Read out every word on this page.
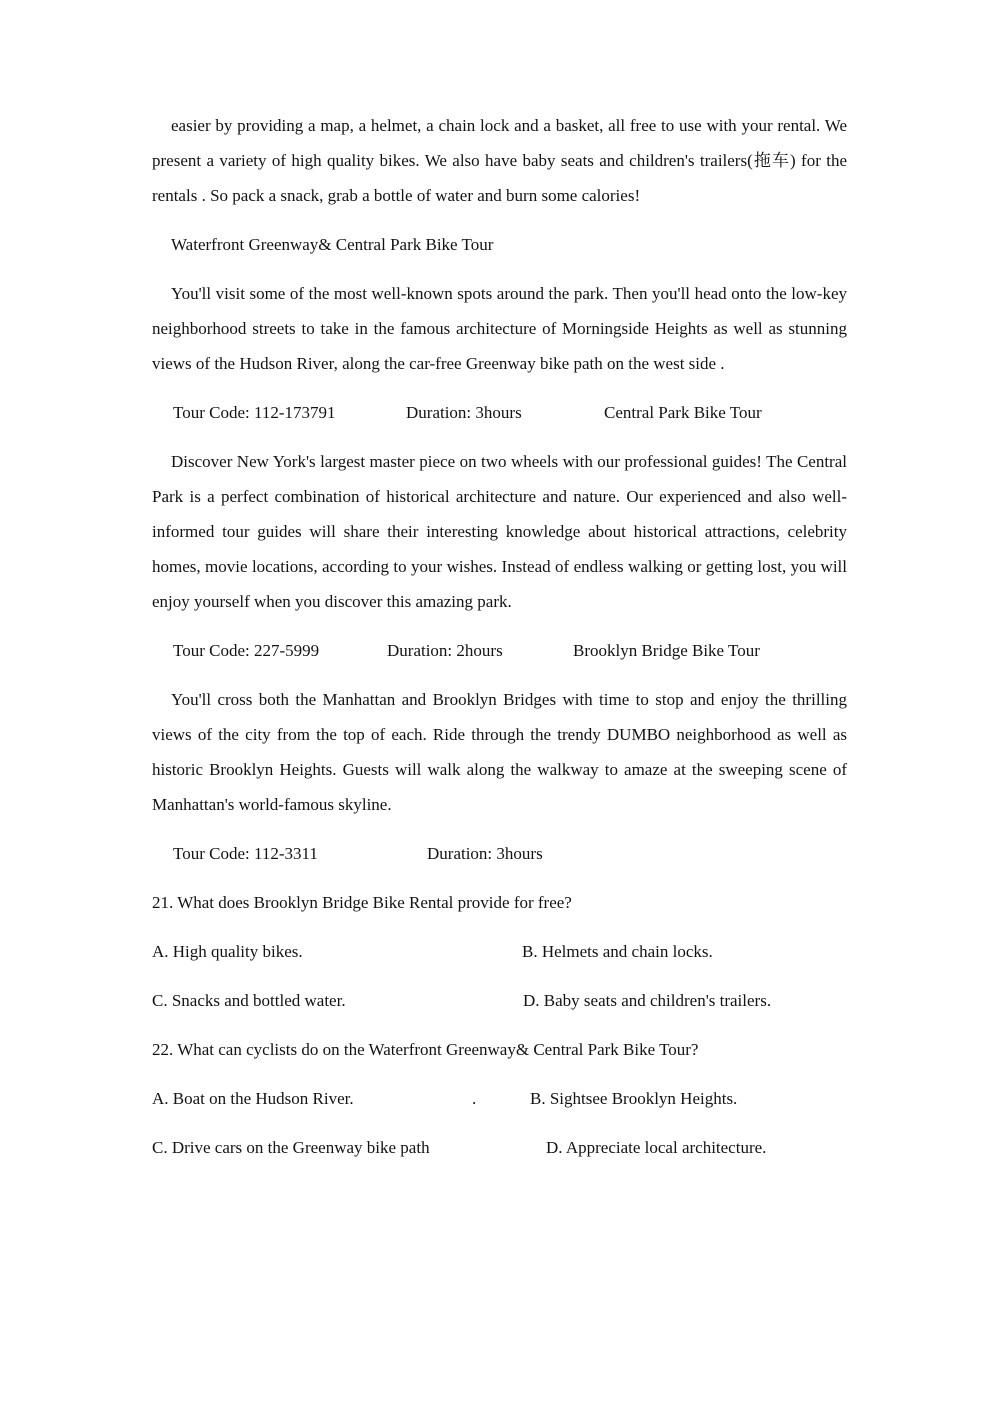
easier by providing a map, a helmet, a chain lock and a basket, all free to use with your rental. We present a variety of high quality bikes. We also have baby seats and children's trailers(拖车) for the rentals . So pack a snack, grab a bottle of water and burn some calories!

Waterfront Greenway& Central Park Bike Tour

You'll visit some of the most well-known spots around the park. Then you'll head onto the low-key neighborhood streets to take in the famous architecture of Morningside Heights as well as stunning views of the Hudson River, along the car-free Greenway bike path on the west side .

Tour Code: 112-173791	Duration: 3hours	Central Park Bike Tour

Discover New York's largest master piece on two wheels with our professional guides! The Central Park is a perfect combination of historical architecture and nature. Our experienced and also well-informed tour guides will share their interesting knowledge about historical attractions, celebrity homes, movie locations, according to your wishes. Instead of endless walking or getting lost, you will enjoy yourself when you discover this amazing park.

Tour Code: 227-5999	Duration: 2hours	Brooklyn Bridge Bike Tour

You'll cross both the Manhattan and Brooklyn Bridges with time to stop and enjoy the thrilling views of the city from the top of each. Ride through the trendy DUMBO neighborhood as well as historic Brooklyn Heights. Guests will walk along the walkway to amaze at the sweeping scene of Manhattan's world-famous skyline.

Tour Code: 112-3311	Duration: 3hours

21. What does Brooklyn Bridge Bike Rental provide for free?

A. High quality bikes.	B. Helmets and chain locks.
C. Snacks and bottled water.	D. Baby seats and children's trailers.

22. What can cyclists do on the Waterfront Greenway& Central Park Bike Tour?

A. Boat on the Hudson River.	.	B. Sightsee Brooklyn Heights.
C. Drive cars on the Greenway bike path	D. Appreciate local architecture.
